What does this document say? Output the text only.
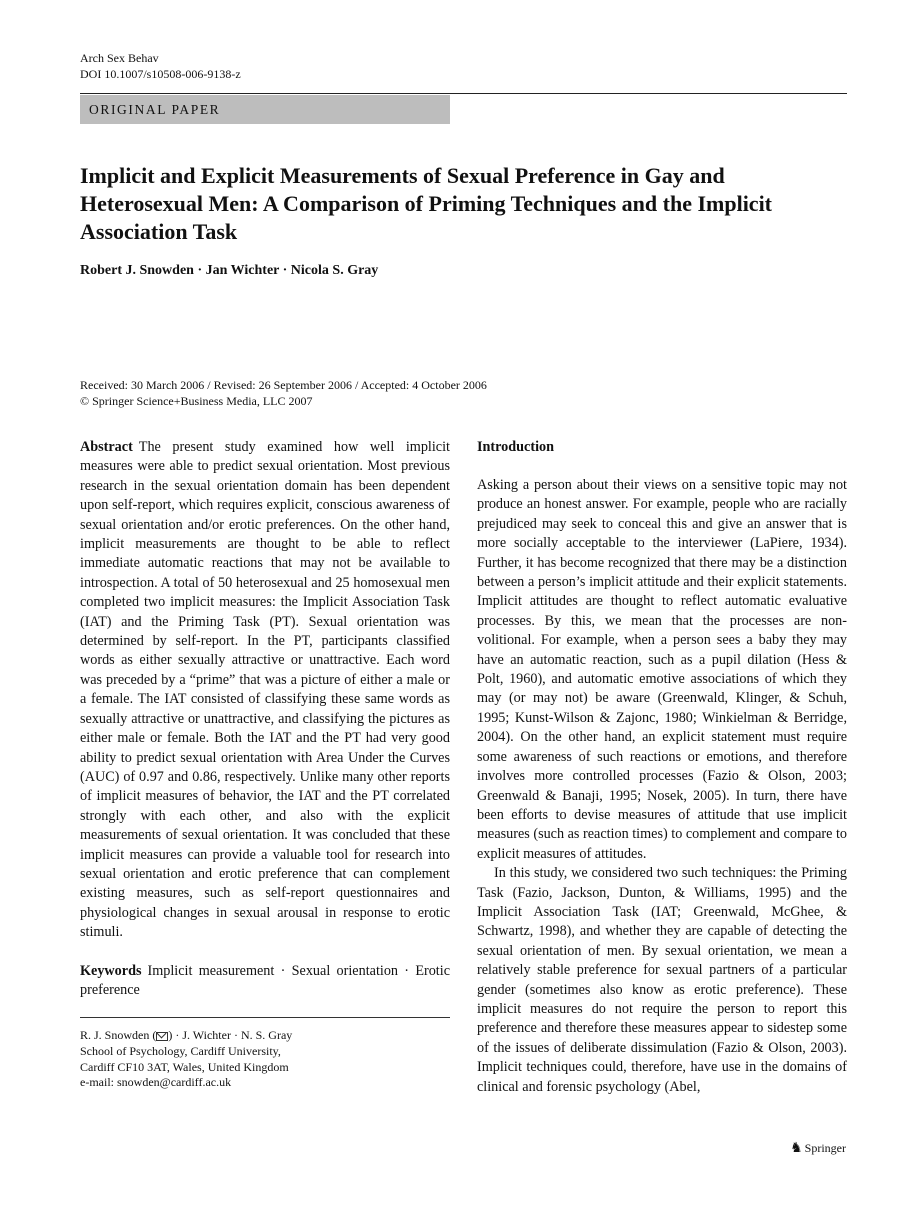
Arch Sex Behav
DOI 10.1007/s10508-006-9138-z
ORIGINAL PAPER
Implicit and Explicit Measurements of Sexual Preference in Gay and Heterosexual Men: A Comparison of Priming Techniques and the Implicit Association Task
Robert J. Snowden · Jan Wichter · Nicola S. Gray
Received: 30 March 2006 / Revised: 26 September 2006 / Accepted: 4 October 2006
© Springer Science+Business Media, LLC 2007

Abstract The present study examined how well implicit measures were able to predict sexual orientation. Most previous research in the sexual orientation domain has been dependent upon self-report, which requires explicit, conscious awareness of sexual orientation and/or erotic preferences. On the other hand, implicit measurements are thought to be able to reflect immediate automatic reactions that may not be available to introspection. A total of 50 heterosexual and 25 homosexual men completed two implicit measures: the Implicit Association Task (IAT) and the Priming Task (PT). Sexual orientation was determined by self-report. In the PT, participants classified words as either sexually attractive or unattractive. Each word was preceded by a “prime” that was a picture of either a male or a female. The IAT consisted of classifying these same words as sexually attractive or unattractive, and classifying the pictures as either male or female. Both the IAT and the PT had very good ability to predict sexual orientation with Area Under the Curves (AUC) of 0.97 and 0.86, respectively. Unlike many other reports of implicit measures of behavior, the IAT and the PT correlated strongly with each other, and also with the explicit measurements of sexual orientation. It was concluded that these implicit measures can provide a valuable tool for research into sexual orientation and erotic preference that can complement existing measures, such as self-report questionnaires and physiological changes in sexual arousal in response to erotic stimuli.

Keywords Implicit measurement · Sexual orientation · Erotic preference
R. J. Snowden ( ) · J. Wichter · N. S. Gray
School of Psychology, Cardiff University,
Cardiff CF10 3AT, Wales, United Kingdom
e-mail: snowden@cardiff.ac.uk
Introduction

Asking a person about their views on a sensitive topic may not produce an honest answer. For example, people who are racially prejudiced may seek to conceal this and give an answer that is more socially acceptable to the interviewer (LaPiere, 1934). Further, it has become recognized that there may be a distinction between a person’s implicit attitude and their explicit statements. Implicit attitudes are thought to reflect automatic evaluative processes. By this, we mean that the processes are non-volitional. For example, when a person sees a baby they may have an automatic reaction, such as a pupil dilation (Hess & Polt, 1960), and automatic emotive associations of which they may (or may not) be aware (Greenwald, Klinger, & Schuh, 1995; Kunst-Wilson & Zajonc, 1980; Winkielman & Berridge, 2004). On the other hand, an explicit statement must require some awareness of such reactions or emotions, and therefore involves more controlled processes (Fazio & Olson, 2003; Greenwald & Banaji, 1995; Nosek, 2005). In turn, there have been efforts to devise measures of attitude that use implicit measures (such as reaction times) to complement and compare to explicit measures of attitudes.

In this study, we considered two such techniques: the Priming Task (Fazio, Jackson, Dunton, & Williams, 1995) and the Implicit Association Task (IAT; Greenwald, McGhee, & Schwartz, 1998), and whether they are capable of detecting the sexual orientation of men. By sexual orientation, we mean a relatively stable preference for sexual partners of a particular gender (sometimes also know as erotic preference). These implicit measures do not require the person to report this preference and therefore these measures appear to sidestep some of the issues of deliberate dissimulation (Fazio & Olson, 2003). Implicit techniques could, therefore, have use in the domains of clinical and forensic psychology (Abel,

♞ Springer
